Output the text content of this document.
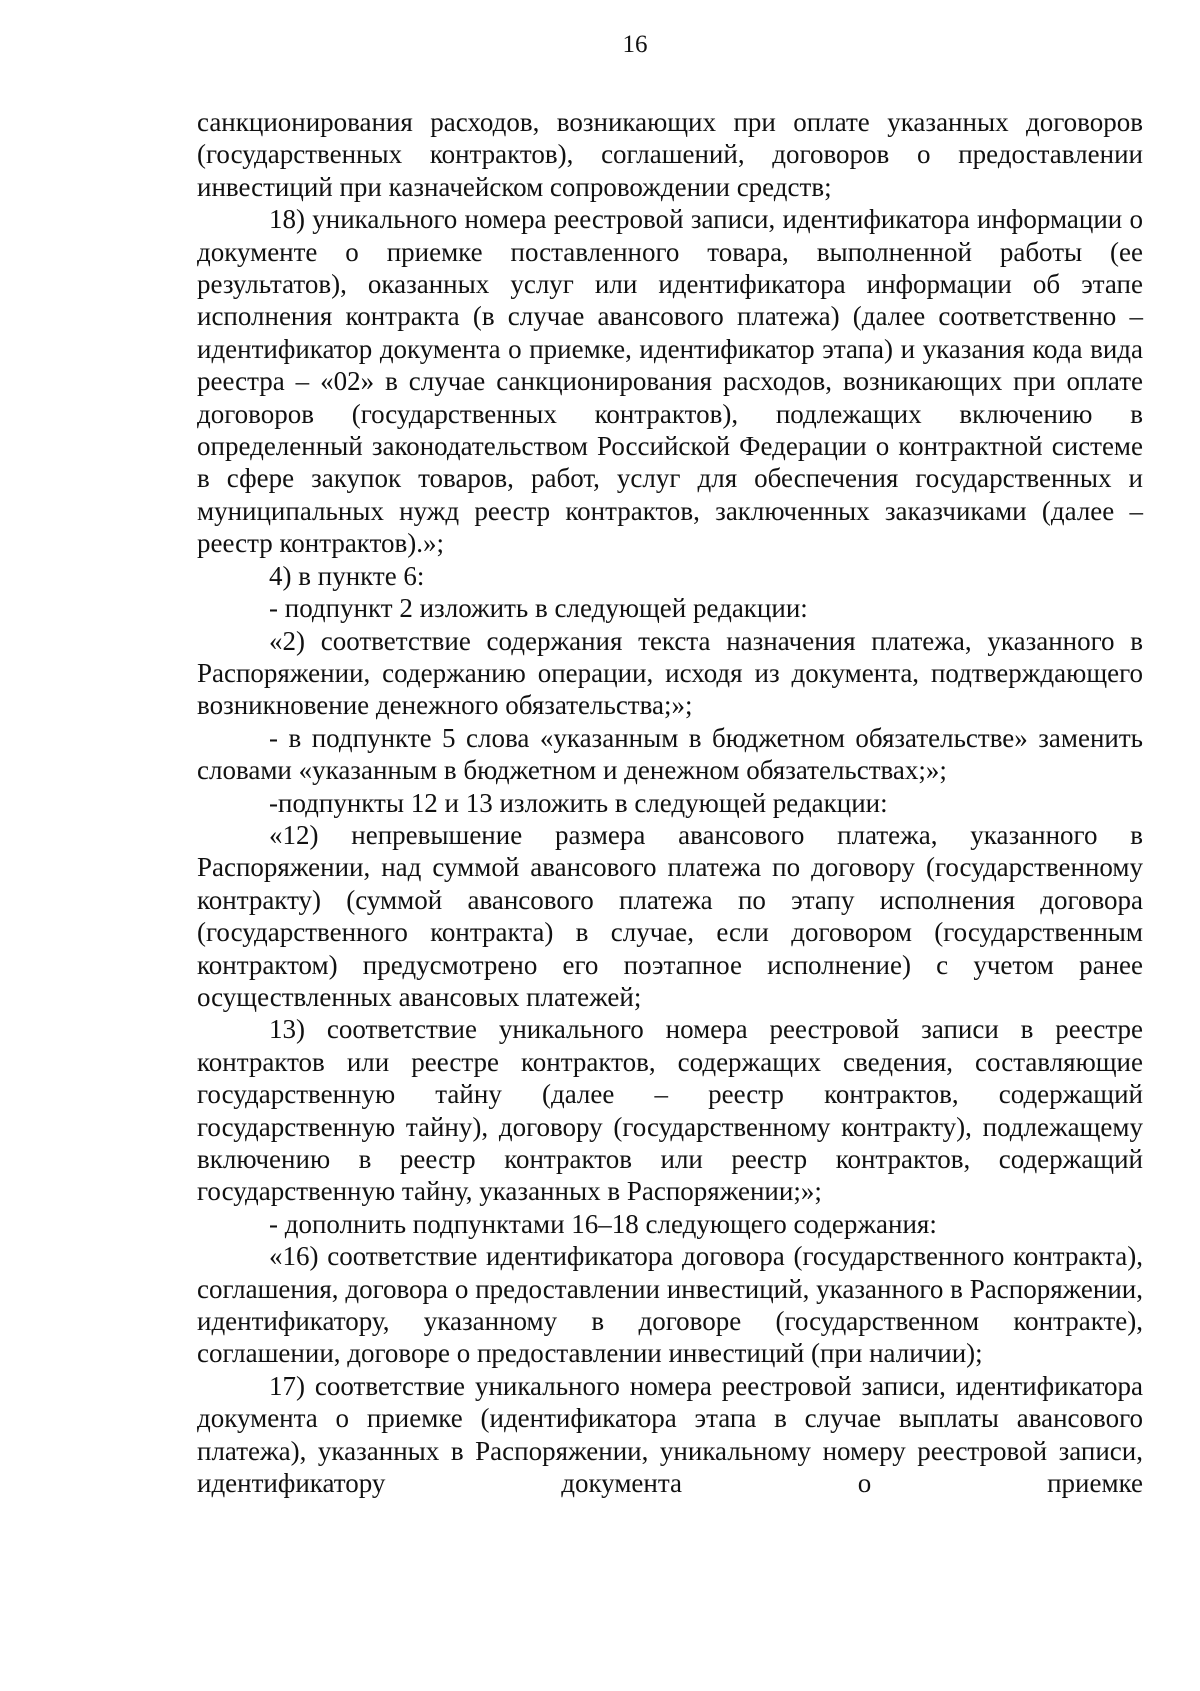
16

санкционирования расходов, возникающих при оплате указанных договоров (государственных контрактов), соглашений, договоров о предоставлении инвестиций при казначейском сопровождении средств;

18) уникального номера реестровой записи, идентификатора информации о документе о приемке поставленного товара, выполненной работы (ее результатов), оказанных услуг или идентификатора информации об этапе исполнения контракта (в случае авансового платежа) (далее соответственно – идентификатор документа о приемке, идентификатор этапа) и указания кода вида реестра – «02» в случае санкционирования расходов, возникающих при оплате договоров (государственных контрактов), подлежащих включению в определенный законодательством Российской Федерации о контрактной системе в сфере закупок товаров, работ, услуг для обеспечения государственных и муниципальных нужд реестр контрактов, заключенных заказчиками (далее – реестр контрактов).»;

4) в пункте 6:

- подпункт 2 изложить в следующей редакции:

«2) соответствие содержания текста назначения платежа, указанного в Распоряжении, содержанию операции, исходя из документа, подтверждающего возникновение денежного обязательства;»;

- в подпункте 5 слова «указанным в бюджетном обязательстве» заменить словами «указанным в бюджетном и денежном обязательствах;»;

-подпункты 12 и 13 изложить в следующей редакции:

«12) непревышение размера авансового платежа, указанного в Распоряжении, над суммой авансового платежа по договору (государственному контракту) (суммой авансового платежа по этапу исполнения договора (государственного контракта) в случае, если договором (государственным контрактом) предусмотрено его поэтапное исполнение) с учетом ранее осуществленных авансовых платежей;

13) соответствие уникального номера реестровой записи в реестре контрактов или реестре контрактов, содержащих сведения, составляющие государственную тайну (далее – реестр контрактов, содержащий государственную тайну), договору (государственному контракту), подлежащему включению в реестр контрактов или реестр контрактов, содержащий государственную тайну, указанных в Распоряжении;»;

- дополнить подпунктами 16–18 следующего содержания:

«16) соответствие идентификатора договора (государственного контракта), соглашения, договора о предоставлении инвестиций, указанного в Распоряжении, идентификатору, указанному в договоре (государственном контракте), соглашении, договоре о предоставлении инвестиций (при наличии);

17) соответствие уникального номера реестровой записи, идентификатора документа о приемке (идентификатора этапа в случае выплаты авансового платежа), указанных в Распоряжении, уникальному номеру реестровой записи, идентификатору документа о приемке
